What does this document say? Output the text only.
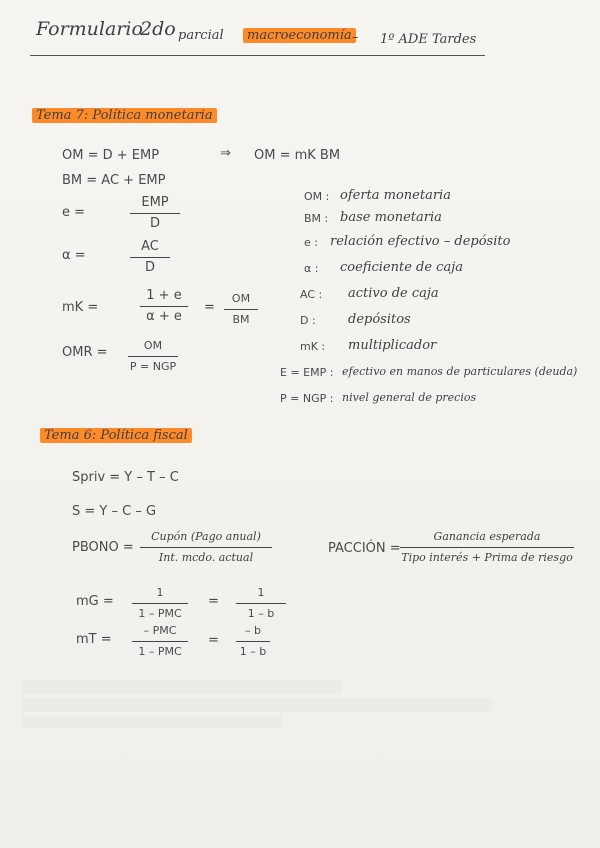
Formulario
2do parcial	macroeconomía – 1º ADE Tardes
Tema 7: Política monetaria
OM = D + EMP	⇒ OM = mK BM
BM = AC + EMP
e =
EMP
D
α =
AC
D
mK =
1 + e
α + e
=
OM
BM
OMR =	OM
P = NGP
OM : oferta monetaria
BM : base monetaria
e : relación efectivo – depósito
α : coeficiente de caja
AC : activo de caja
D : depósitos
mK : multiplicador
E = EMP : efectivo en manos de particulares (deuda)
P = NGP : nivel general de precios
Tema 6: Política fiscal
Spriv = Y – T – C
S = Y – C – G
PBONO =
Cupón (Pago anual)
Int. mcdo. actual
PACCIÓN =
Ganancia esperada
Tipo interés + Prima de riesgo
mG =
1
1 – PMC
=
1
1 – b
mT =
– PMC
1 – PMC
=
– b
1 – b
